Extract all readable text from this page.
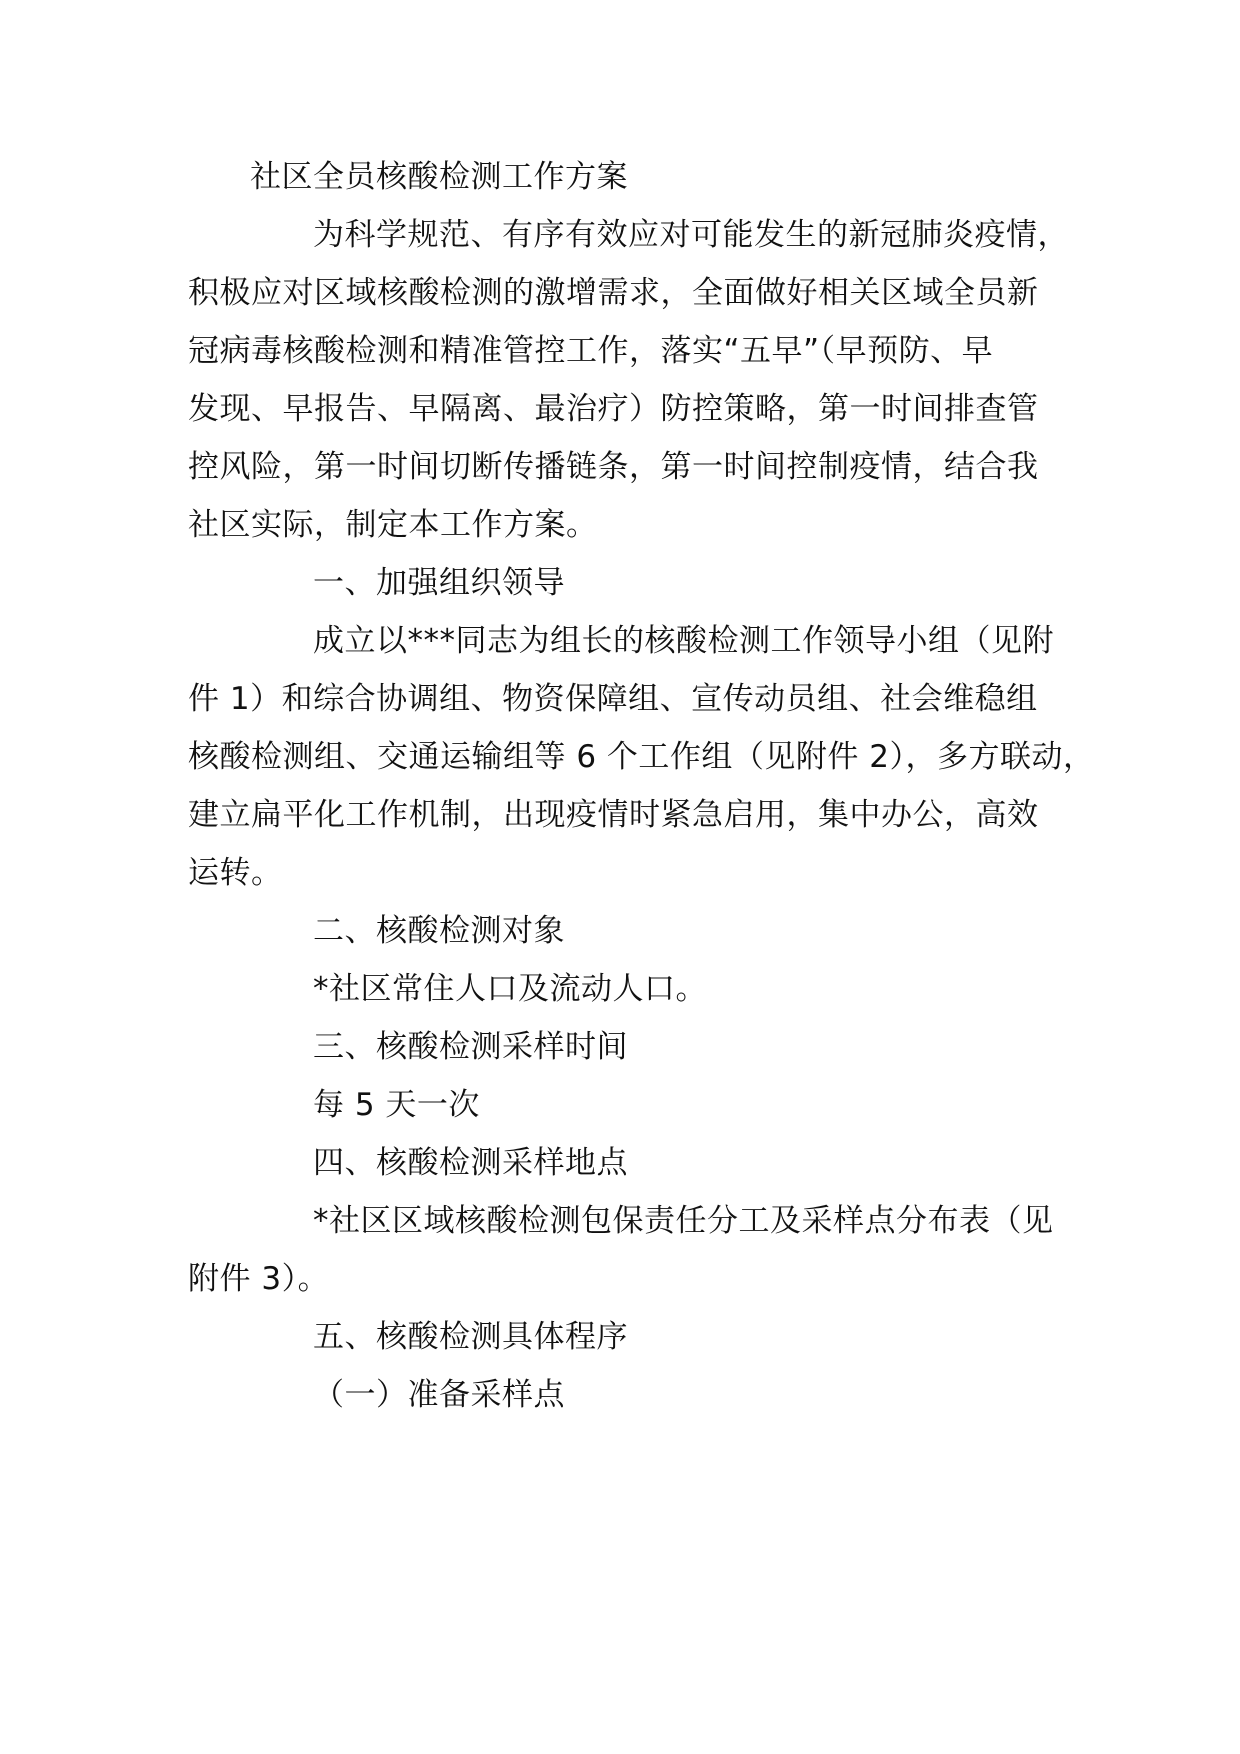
社区全员核酸检测工作方案
为科学规范、有序有效应对可能发生的新冠肺炎疫情，
积极应对区域核酸检测的激增需求，全面做好相关区域全员新
冠病毒核酸检测和精准管控工作，落实“五早”（早预防、早
发现、早报告、早隔离、最治疗）防控策略，第一时间排查管
控风险，第一时间切断传播链条，第一时间控制疫情，结合我
社区实际，制定本工作方案。
一、加强组织领导
成立以***同志为组长的核酸检测工作领导小组（见附
件 1）和综合协调组、物资保障组、宣传动员组、社会维稳组
核酸检测组、交通运输组等 6 个工作组（见附件 2），多方联动，
建立扁平化工作机制，出现疫情时紧急启用，集中办公，高效
运转。
二、核酸检测对象
*社区常住人口及流动人口。
三、核酸检测采样时间
每 5 天一次
四、核酸检测采样地点
*社区区域核酸检测包保责任分工及采样点分布表（见
附件 3）。
五、核酸检测具体程序
（一）准备采样点
